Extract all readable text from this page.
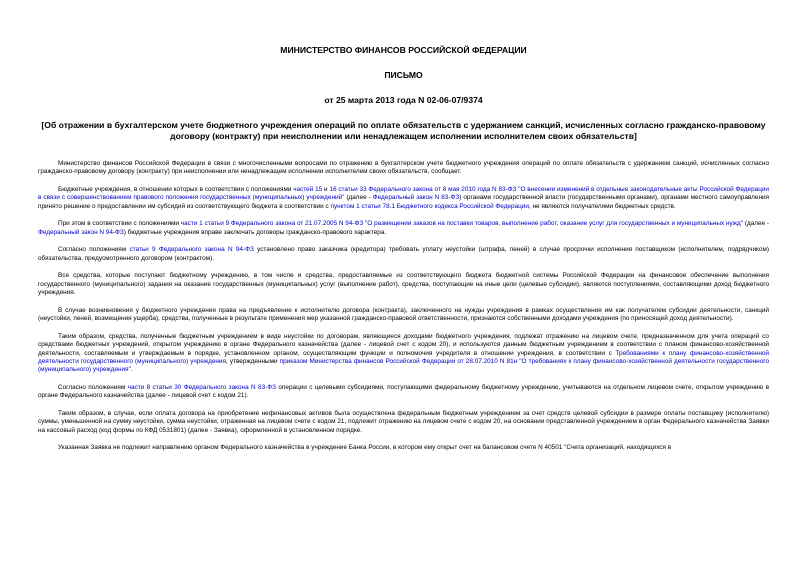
МИНИСТЕРСТВО ФИНАНСОВ РОССИЙСКОЙ ФЕДЕРАЦИИ
ПИСЬМО
от 25 марта 2013 года N 02-06-07/9374
[Об отражении в бухгалтерском учете бюджетного учреждения операций по оплате обязательств с удержанием санкций, исчисленных согласно гражданско-правовому договору (контракту) при неисполнении или ненадлежащем исполнении исполнителем своих обязательств]

Министерство финансов Российской Федерации в связи с многочисленными вопросами по отражению в бухгалтерском учете бюджетного учреждения операций по оплате обязательств с удержанием санкций, исчисленных согласно гражданско-правовому договору (контракту) при неисполнении или ненадлежащем исполнении исполнителем своих обязательств, сообщает.

Бюджетные учреждения, в отношении которых в соответствии с положениями частей 15 и 16 статьи 33 Федерального закона от 8 мая 2010 года N 83-ФЗ "О внесении изменений в отдельные законодательные акты Российской Федерации в связи с совершенствованием правового положения государственных (муниципальных) учреждений" (далее - Федеральный закон N 83-ФЗ) органами государственной власти (государственными органами), органами местного самоуправления принято решение о предоставлении им субсидий из соответствующего бюджета в соответствии с пунктом 1 статьи 78.1 Бюджетного кодекса Российской Федерации, не являются получателями бюджетных средств.

При этом в соответствии с положениями части 1 статьи 9 Федерального закона от 21.07.2005 N 94-ФЗ "О размещении заказов на поставки товаров, выполнение работ, оказание услуг для государственных и муниципальных нужд" (далее - Федеральный закон N 94-ФЗ) бюджетные учреждения вправе заключать договоры гражданско-правового характера.

Согласно положениям статьи 9 Федерального закона N 94-ФЗ установлено право заказчика (кредитора) требовать уплату неустойки (штрафа, пеней) в случае просрочки исполнения поставщиком (исполнителем, подрядчиком) обязательства, предусмотренного договором (контрактом).

Все средства, которые поступают бюджетному учреждению, в том числе и средства, предоставляемые из соответствующего бюджета бюджетной системы Российской Федерации на финансовое обеспечение выполнения государственного (муниципального) задания на оказание государственных (муниципальных) услуг (выполнение работ), средства, поступающие на иные цели (целевые субсидии), являются поступлениями, составляющими доход бюджетного учреждения.

В случае возникновения у бюджетного учреждения права на предъявление к исполнителю договора (контракта), заключенного на нужды учреждения в рамках осуществления им как получателем субсидии деятельности, санкций (неустойки, пеней, возмещения ущерба), средства, полученные в результате применения мер указанной гражданско-правовой ответственности, признаются собственными доходами учреждения (по приносящей доход деятельности).

Таким образом, средства, полученные бюджетным учреждением в виде неустойки по договорам, являющиеся доходами бюджетного учреждения, подлежат отражению на лицевом счете, предназначенном для учета операций со средствами бюджетных учреждений, открытом учреждению в органе Федерального казначейства (далее - лицевой счет с кодом 20), и используются данным бюджетным учреждением в соответствии с планом финансово-хозяйственной деятельности, составляемым и утверждаемым в порядке, установленном органом, осуществляющим функции и полномочия учредителя в отношении учреждения, в соответствии с Требованиями к плану финансово-хозяйственной деятельности государственного (муниципального) учреждения, утвержденными приказом Министерства финансов Российской Федерации от 28.07.2010 N 81н "О требованиях к плану финансово-хозяйственной деятельности государственного (муниципального) учреждения".

Согласно положениям части 8 статьи 30 Федерального закона N 83-ФЗ операции с целевыми субсидиями, поступающими федеральному бюджетному учреждению, учитываются на отдельном лицевом счете, открытом учреждению в органе Федерального казначейства (далее - лицевой счет с кодом 21).

Таким образом, в случае, если оплата договора на приобретение нефинансовых активов была осуществлена федеральным бюджетным учреждением за счет средств целевой субсидии в размере оплаты поставщику (исполнителю) суммы, уменьшенной на сумму неустойки, сумма неустойки, отраженная на лицевом счете с кодом 21, подлежит отражению на лицевом счете с кодом 20, на основании представленной учреждением в орган Федерального казначейства Заявки на кассовый расход (код формы по КФД 0531801) (далее - Заявка), оформленной в установленном порядке.

Указанная Заявка не подлежит направлению органом Федерального казначейства в учреждение Банка России, в котором ему открыт счет на балансовом счете N 40501 "Счета организаций, находящихся в
